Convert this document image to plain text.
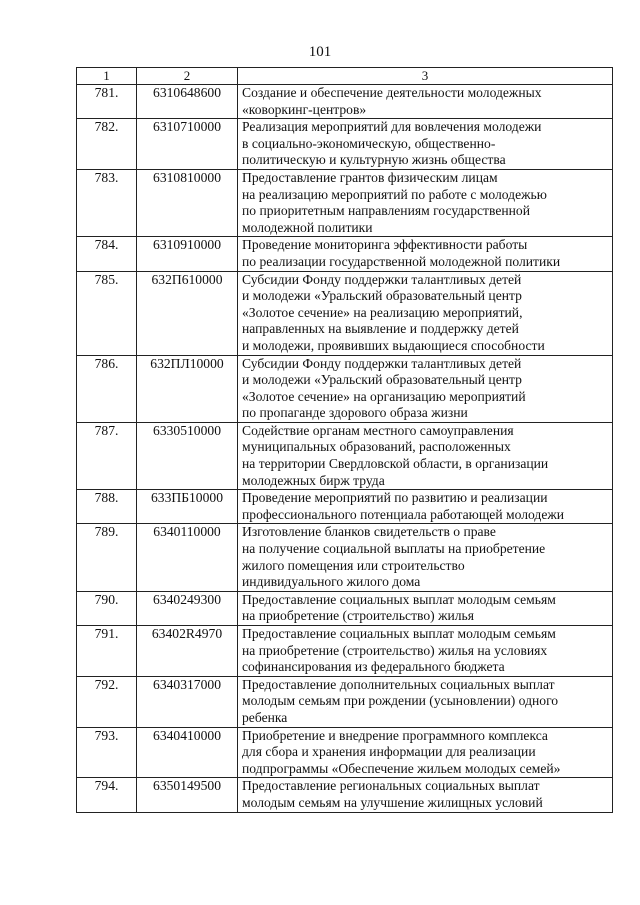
101
1	2	3
781.	6310648600	Создание и обеспечение деятельности молодежных
«коворкинг-центров»

782.	6310710000	Реализация мероприятий для вовлечения молодежи
в социально-экономическую, общественно-
политическую и культурную жизнь общества

783.	6310810000	Предоставление грантов физическим лицам
на реализацию мероприятий по работе с молодежью
по приоритетным направлениям государственной
молодежной политики

784.	6310910000	Проведение мониторинга эффективности работы
по реализации государственной молодежной политики

785.	632П610000	Субсидии Фонду поддержки талантливых детей
и молодежи «Уральский образовательный центр
«Золотое сечение» на реализацию мероприятий,
направленных на выявление и поддержку детей
и молодежи, проявивших выдающиеся способности

786.	632ПЛ10000	Субсидии Фонду поддержки талантливых детей
и молодежи «Уральский образовательный центр
«Золотое сечение» на организацию мероприятий
по пропаганде здорового образа жизни

787.	6330510000	Содействие органам местного самоуправления
муниципальных образований, расположенных
на территории Свердловской области, в организации
молодежных бирж труда

788.	633ПБ10000	Проведение мероприятий по развитию и реализации
профессионального потенциала работающей молодежи

789.	6340110000	Изготовление бланков свидетельств о праве
на получение социальной выплаты на приобретение
жилого помещения или строительство
индивидуального жилого дома

790.	6340249300	Предоставление социальных выплат молодым семьям
на приобретение (строительство) жилья

791.	63402R4970	Предоставление социальных выплат молодым семьям
на приобретение (строительство) жилья на условиях
софинансирования из федерального бюджета

792.	6340317000	Предоставление дополнительных социальных выплат
молодым семьям при рождении (усыновлении) одного
ребенка

793.	6340410000	Приобретение и внедрение программного комплекса
для сбора и хранения информации для реализации
подпрограммы «Обеспечение жильем молодых семей»

794.	6350149500	Предоставление региональных социальных выплат
молодым семьям на улучшение жилищных условий
